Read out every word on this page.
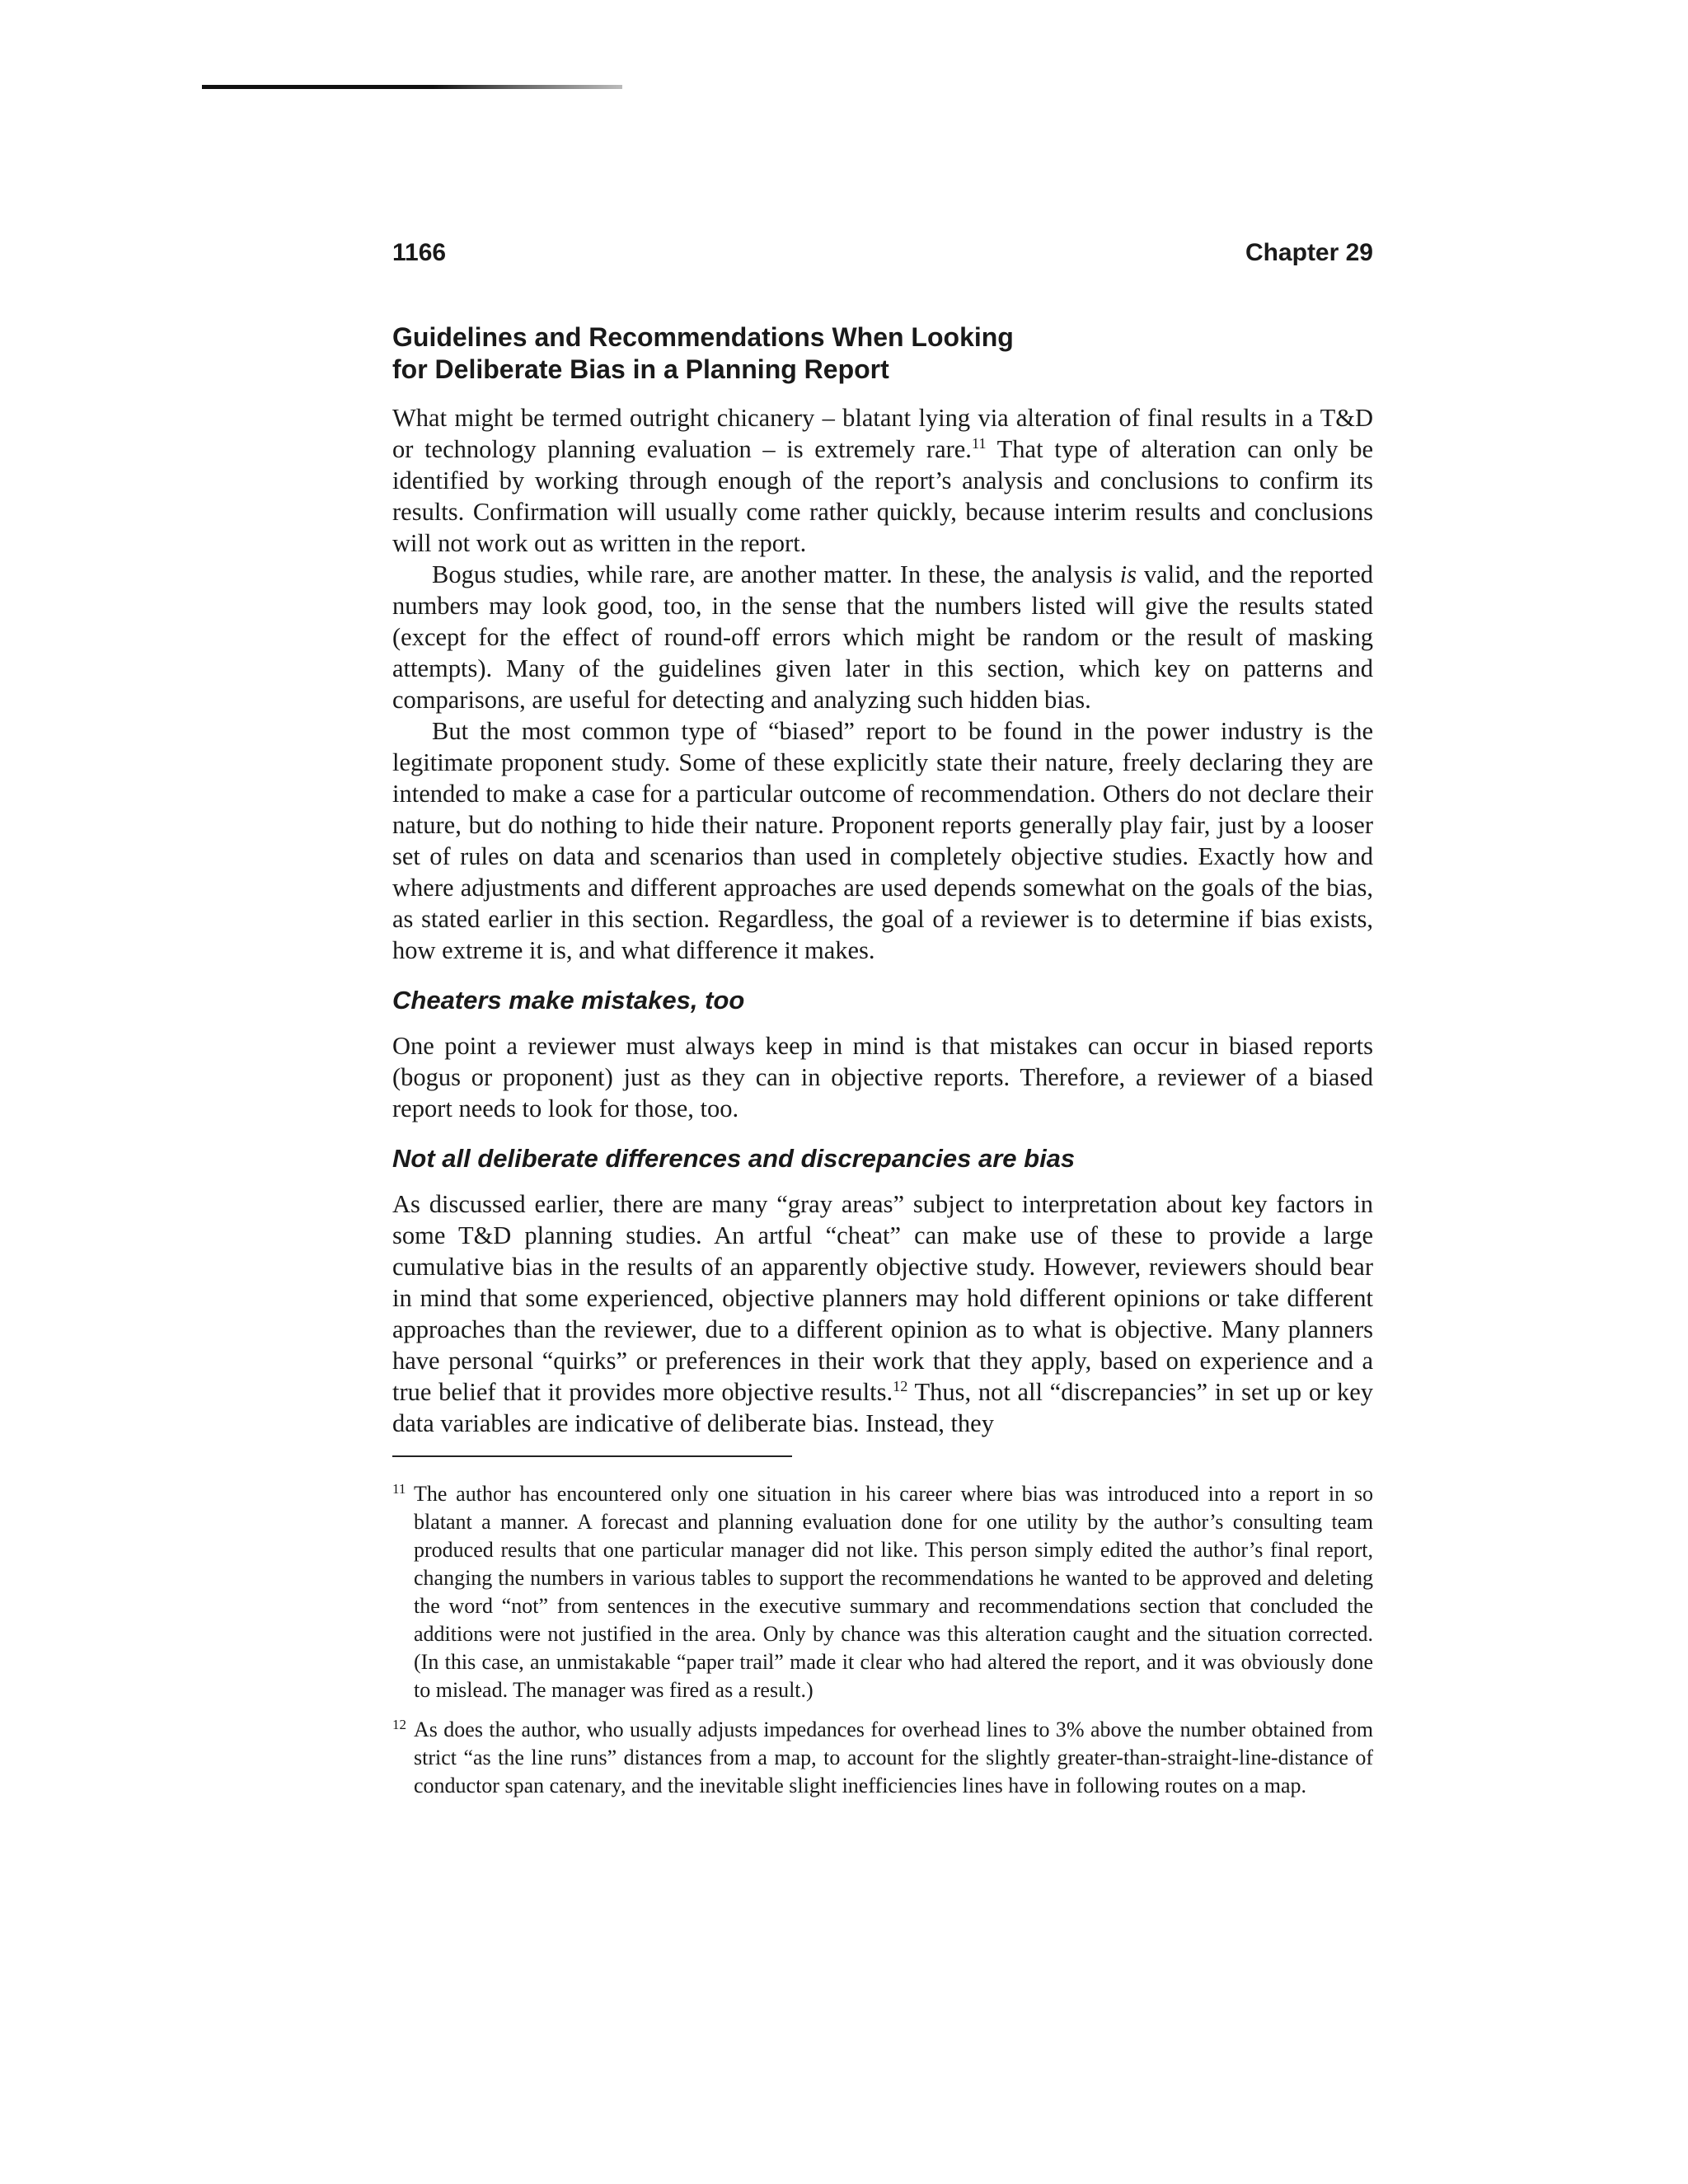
1166	Chapter 29
Guidelines and Recommendations When Looking
for Deliberate Bias in a Planning Report

What might be termed outright chicanery – blatant lying via alteration of final results in a T&D or technology planning evaluation – is extremely rare.$^{11}$ That type of alteration can only be identified by working through enough of the report’s analysis and conclusions to confirm its results. Confirmation will usually come rather quickly, because interim results and conclusions will not work out as written in the report.

Bogus studies, while rare, are another matter. In these, the analysis is valid, and the reported numbers may look good, too, in the sense that the numbers listed will give the results stated (except for the effect of round-off errors which might be random or the result of masking attempts). Many of the guidelines given later in this section, which key on patterns and comparisons, are useful for detecting and analyzing such hidden bias.

But the most common type of “biased” report to be found in the power industry is the legitimate proponent study. Some of these explicitly state their nature, freely declaring they are intended to make a case for a particular outcome of recommendation. Others do not declare their nature, but do nothing to hide their nature. Proponent reports generally play fair, just by a looser set of rules on data and scenarios than used in completely objective studies. Exactly how and where adjustments and different approaches are used depends somewhat on the goals of the bias, as stated earlier in this section. Regardless, the goal of a reviewer is to determine if bias exists, how extreme it is, and what difference it makes.

Cheaters make mistakes, too

One point a reviewer must always keep in mind is that mistakes can occur in biased reports (bogus or proponent) just as they can in objective reports. Therefore, a reviewer of a biased report needs to look for those, too.

Not all deliberate differences and discrepancies are bias

As discussed earlier, there are many “gray areas” subject to interpretation about key factors in some T&D planning studies. An artful “cheat” can make use of these to provide a large cumulative bias in the results of an apparently objective study. However, reviewers should bear in mind that some experienced, objective planners may hold different opinions or take different approaches than the reviewer, due to a different opinion as to what is objective. Many planners have personal “quirks” or preferences in their work that they apply, based on experience and a true belief that it provides more objective results.$^{12}$ Thus, not all “discrepancies” in set up or key data variables are indicative of deliberate bias. Instead, they

11 The author has encountered only one situation in his career where bias was introduced into a report in so blatant a manner. A forecast and planning evaluation done for one utility by the author’s consulting team produced results that one particular manager did not like. This person simply edited the author’s final report, changing the numbers in various tables to support the recommendations he wanted to be approved and deleting the word “not” from sentences in the executive summary and recommendations section that concluded the additions were not justified in the area. Only by chance was this alteration caught and the situation corrected. (In this case, an unmistakable “paper trail” made it clear who had altered the report, and it was obviously done to mislead. The manager was fired as a result.)
12 As does the author, who usually adjusts impedances for overhead lines to 3% above the number obtained from strict “as the line runs” distances from a map, to account for the slightly greater-than-straight-line-distance of conductor span catenary, and the inevitable slight inefficiencies lines have in following routes on a map.
